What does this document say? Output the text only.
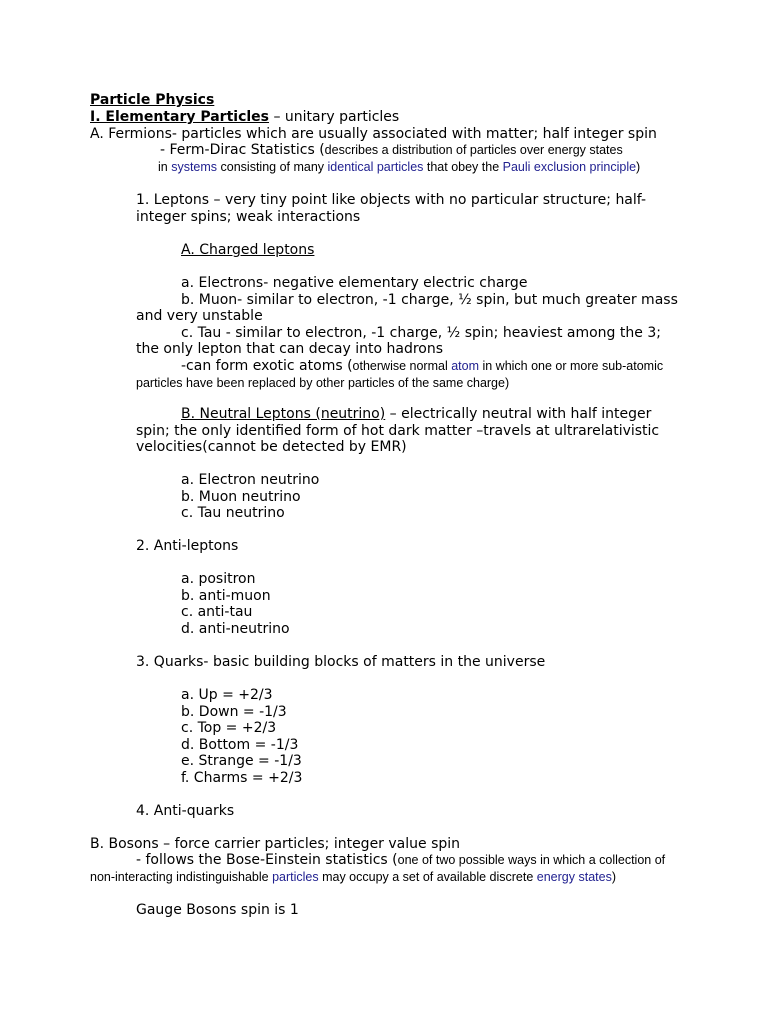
Particle Physics
I. Elementary Particles – unitary particles
A. Fermions- particles which are usually associated with matter; half integer spin
- Ferm-Dirac Statistics (describes a distribution of particles over energy states
in systems consisting of many identical particles that obey the Pauli exclusion principle)
1. Leptons – very tiny point like objects with no particular structure; half-
integer spins; weak interactions
A. Charged leptons
a. Electrons- negative elementary electric charge
b. Muon- similar to electron, -1 charge, ½ spin, but much greater mass
and very unstable
c. Tau - similar to electron, -1 charge, ½ spin; heaviest among the 3;
the only lepton that can decay into hadrons
-can form exotic atoms (otherwise normal atom in which one or more sub-atomic
particles have been replaced by other particles of the same charge)
B. Neutral Leptons (neutrino) – electrically neutral with half integer
spin; the only identified form of hot dark matter –travels at ultrarelativistic
velocities(cannot be detected by EMR)
a. Electron neutrino
b. Muon neutrino
c. Tau neutrino
2. Anti-leptons
a. positron
b. anti-muon
c. anti-tau
d. anti-neutrino
3. Quarks- basic building blocks of matters in the universe
a. Up = +2/3
b. Down = -1/3
c. Top = +2/3
d. Bottom = -1/3
e. Strange = -1/3
f. Charms = +2/3
4. Anti-quarks
B. Bosons – force carrier particles; integer value spin
- follows the Bose-Einstein statistics (one of two possible ways in which a collection of
non-interacting indistinguishable particles may occupy a set of available discrete energy states)
Gauge Bosons spin is 1
